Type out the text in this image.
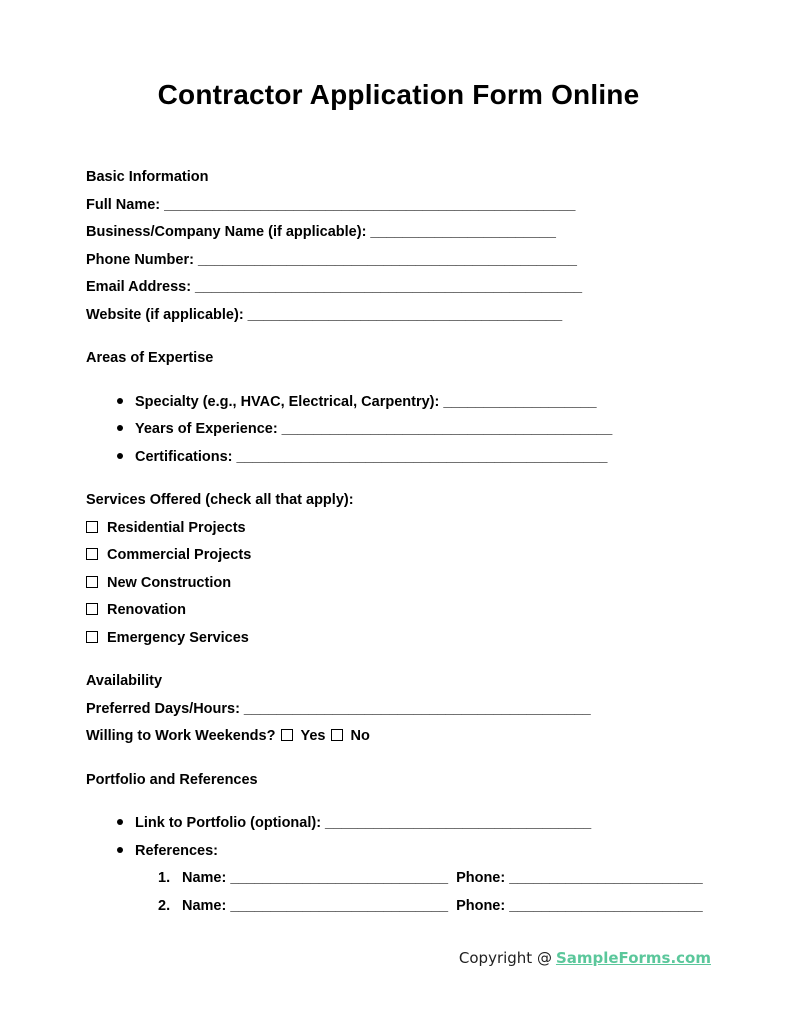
Contractor Application Form Online
Basic Information
Full Name: ___________________________________________________
Business/Company Name (if applicable): _______________________
Phone Number: _______________________________________________
Email Address: ________________________________________________
Website (if applicable): _______________________________________
Areas of Expertise
Specialty (e.g., HVAC, Electrical, Carpentry): ___________________
Years of Experience: _________________________________________
Certifications: ______________________________________________
Services Offered (check all that apply):
Residential Projects
Commercial Projects
New Construction
Renovation
Emergency Services
Availability
Preferred Days/Hours: ___________________________________________
Willing to Work Weekends? Yes No
Portfolio and References
Link to Portfolio (optional): _________________________________
References:
1. Name: ___________________________ Phone: ________________________
2. Name: ___________________________ Phone: ________________________
Copyright @ SampleForms.com
